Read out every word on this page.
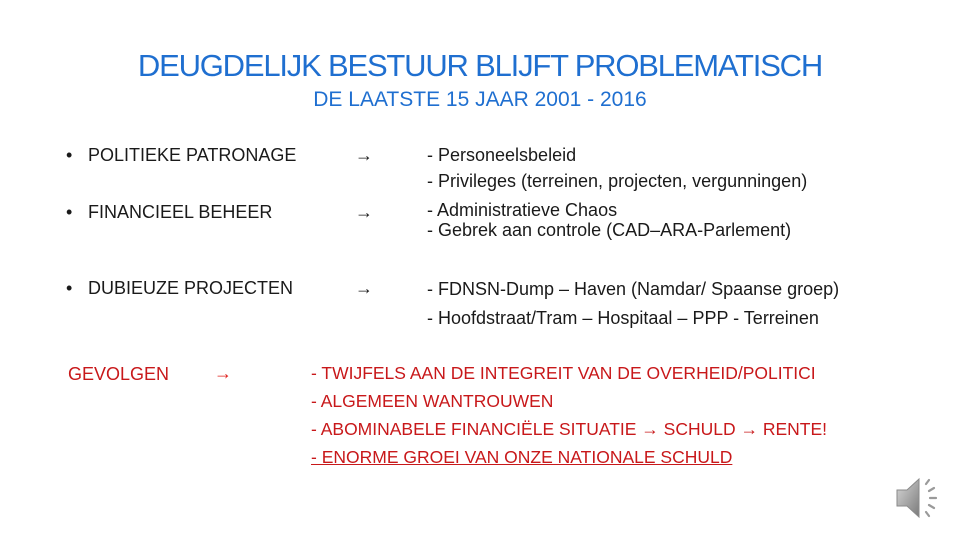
DEUGDELIJK BESTUUR BLIJFT PROBLEMATISCH
DE LAATSTE 15 JAAR 2001 - 2016
• POLITIEKE PATRONAGE	→	- Personeelsbeleid
- Privileges (terreinen, projecten, vergunningen)
• FINANCIEEL BEHEER	→	- Administratieve Chaos
- Gebrek aan controle (CAD–ARA-Parlement)
• DUBIEUZE PROJECTEN	→	- FDNSN-Dump – Haven (Namdar/ Spaanse groep)
- Hoofdstraat/Tram – Hospitaal – PPP - Terreinen
GEVOLGEN →	- TWIJFELS AAN DE INTEGREIT VAN DE OVERHEID/POLITICI
- ALGEMEEN WANTROUWEN
- ABOMINABELE FINANCIËLE SITUATIE → SCHULD → RENTE!
- ENORME GROEI VAN ONZE NATIONALE SCHULD
